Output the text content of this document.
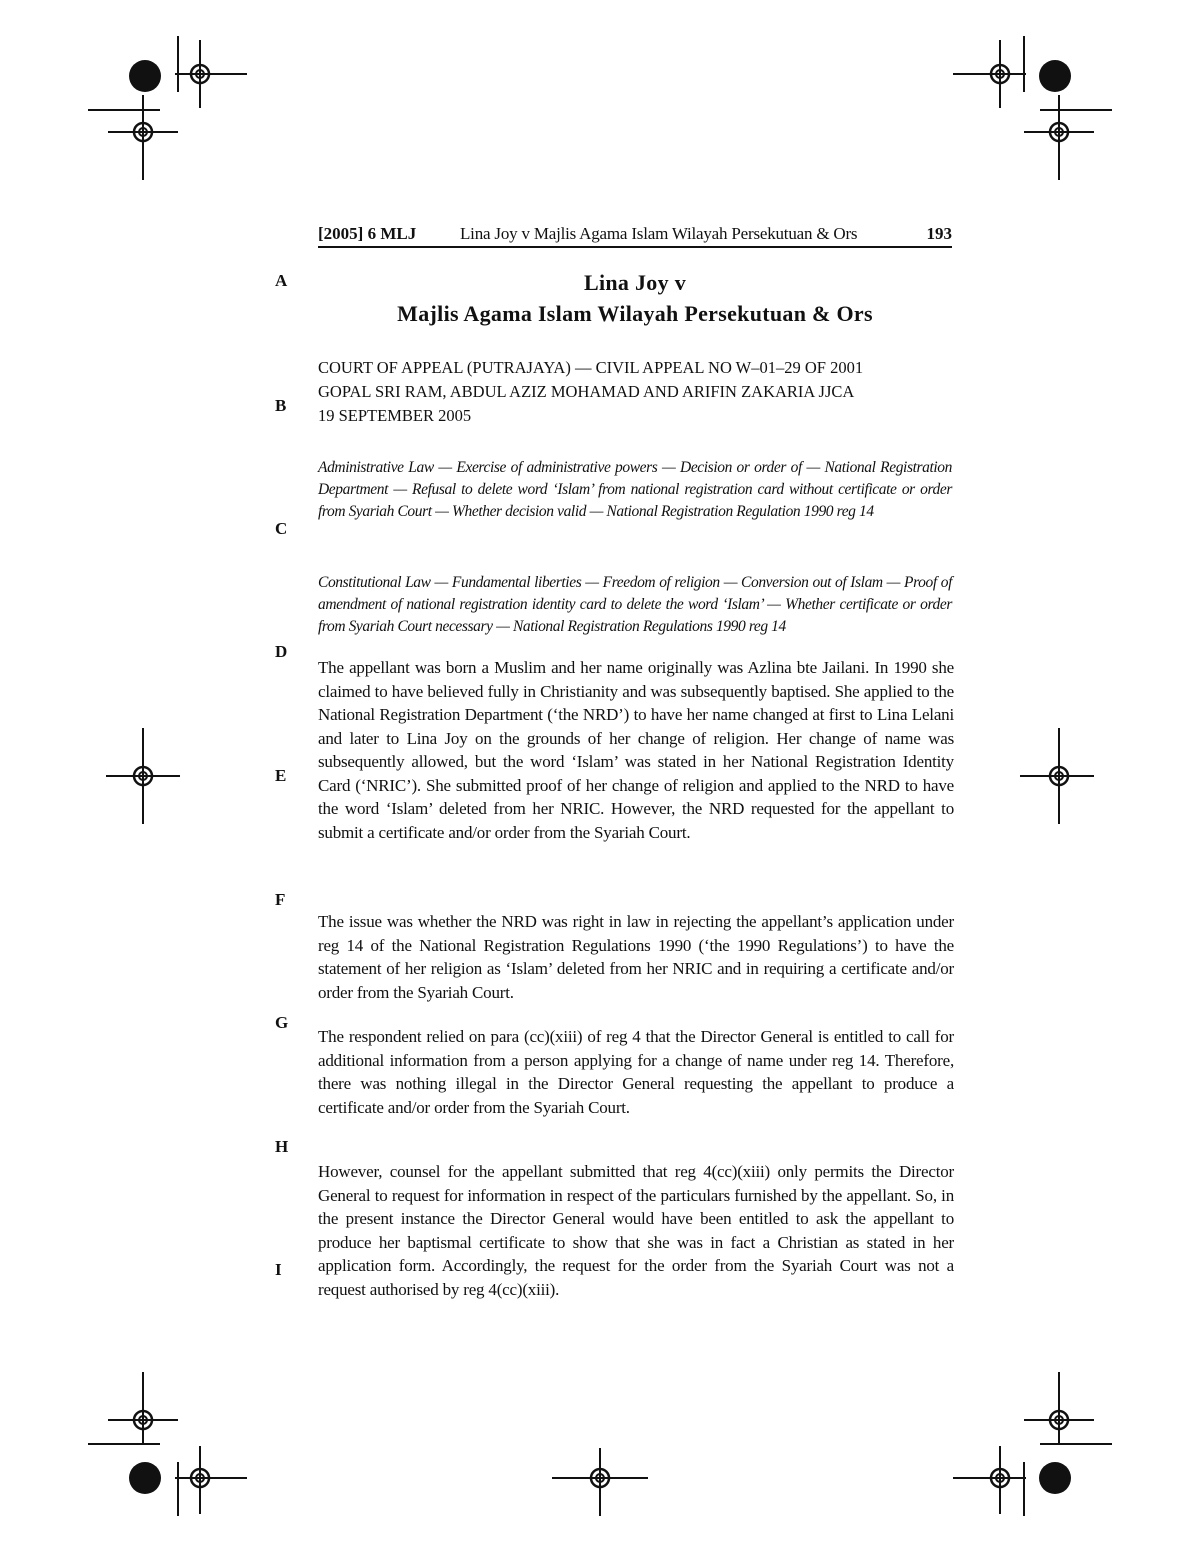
[2005] 6 MLJ	Lina Joy v Majlis Agama Islam Wilayah Persekutuan & Ors	193
A
B
C
D
E
F
G
H
I
Lina Joy v
Majlis Agama Islam Wilayah Persekutuan & Ors
COURT OF APPEAL (PUTRAJAYA) — CIVIL APPEAL NO W–01–29 OF 2001
GOPAL SRI RAM, ABDUL AZIZ MOHAMAD AND ARIFIN ZAKARIA JJCA
19 SEPTEMBER 2005
Administrative Law — Exercise of administrative powers — Decision or order of — National Registration Department — Refusal to delete word ‘Islam’ from national registration card without certificate or order from Syariah Court — Whether decision valid — National Registration Regulation 1990 reg 14
Constitutional Law — Fundamental liberties — Freedom of religion — Conversion out of Islam — Proof of amendment of national registration identity card to delete the word ‘Islam’ — Whether certificate or order from Syariah Court necessary — National Registration Regulations 1990 reg 14

The appellant was born a Muslim and her name originally was Azlina bte Jailani. In 1990 she claimed to have believed fully in Christianity and was subsequently baptised. She applied to the National Registration Department (‘the NRD’) to have her name changed at first to Lina Lelani and later to Lina Joy on the grounds of her change of religion. Her change of name was subsequently allowed, but the word ‘Islam’ was stated in her National Registration Identity Card (‘NRIC’). She submitted proof of her change of religion and applied to the NRD to have the word ‘Islam’ deleted from her NRIC. However, the NRD requested for the appellant to submit a certificate and/or order from the Syariah Court.

The issue was whether the NRD was right in law in rejecting the appellant’s application under reg 14 of the National Registration Regulations 1990 (‘the 1990 Regulations’) to have the statement of her religion as ‘Islam’ deleted from her NRIC and in requiring a certificate and/or order from the Syariah Court.

The respondent relied on para (cc)(xiii) of reg 4 that the Director General is entitled to call for additional information from a person applying for a change of name under reg 14. Therefore, there was nothing illegal in the Director General requesting the appellant to produce a certificate and/or order from the Syariah Court.

However, counsel for the appellant submitted that reg 4(cc)(xiii) only permits the Director General to request for information in respect of the particulars furnished by the appellant. So, in the present instance the Director General would have been entitled to ask the appellant to produce her baptismal certificate to show that she was in fact a Christian as stated in her application form. Accordingly, the request for the order from the Syariah Court was not a request authorised by reg 4(cc)(xiii).
